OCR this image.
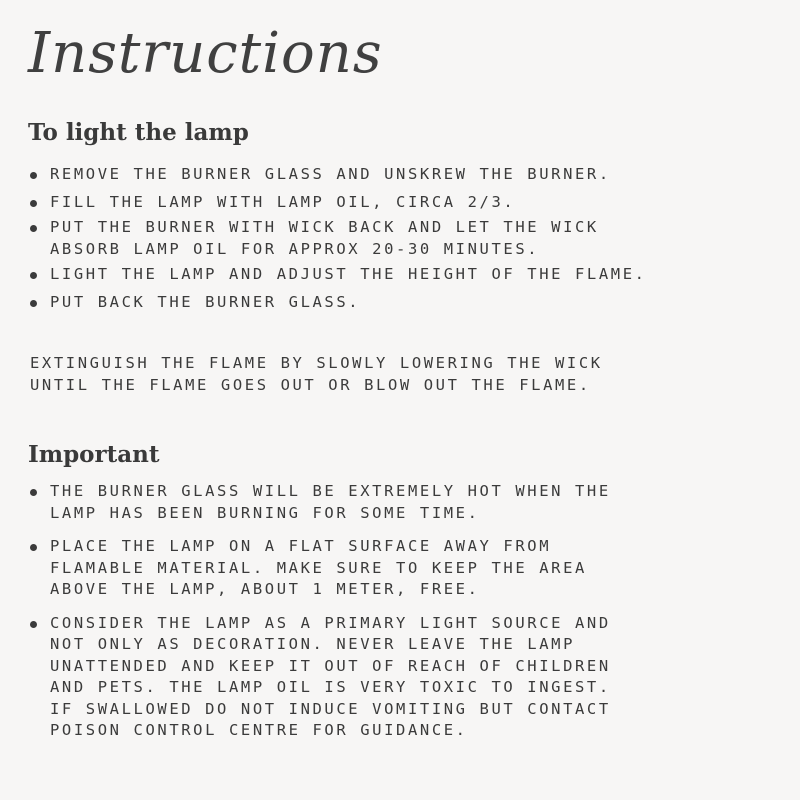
Instructions
To light the lamp
REMOVE THE BURNER GLASS AND UNSKREW THE BURNER.
FILL THE LAMP WITH LAMP OIL, CIRCA 2/3.
PUT THE BURNER WITH WICK BACK AND LET THE WICK
ABSORB LAMP OIL FOR APPROX 20-30 MINUTES.
LIGHT THE LAMP AND ADJUST THE HEIGHT OF THE FLAME.
PUT BACK THE BURNER GLASS.

EXTINGUISH THE FLAME BY SLOWLY LOWERING THE WICK
UNTIL THE FLAME GOES OUT OR BLOW OUT THE FLAME.

Important
THE BURNER GLASS WILL BE EXTREMELY HOT WHEN THE
LAMP HAS BEEN BURNING FOR SOME TIME.
PLACE THE LAMP ON A FLAT SURFACE AWAY FROM
FLAMABLE MATERIAL. MAKE SURE TO KEEP THE AREA
ABOVE THE LAMP, ABOUT 1 METER, FREE.
CONSIDER THE LAMP AS A PRIMARY LIGHT SOURCE AND
NOT ONLY AS DECORATION. NEVER LEAVE THE LAMP
UNATTENDED AND KEEP IT OUT OF REACH OF CHILDREN
AND PETS. THE LAMP OIL IS VERY TOXIC TO INGEST.
IF SWALLOWED DO NOT INDUCE VOMITING BUT CONTACT
POISON CONTROL CENTRE FOR GUIDANCE.
